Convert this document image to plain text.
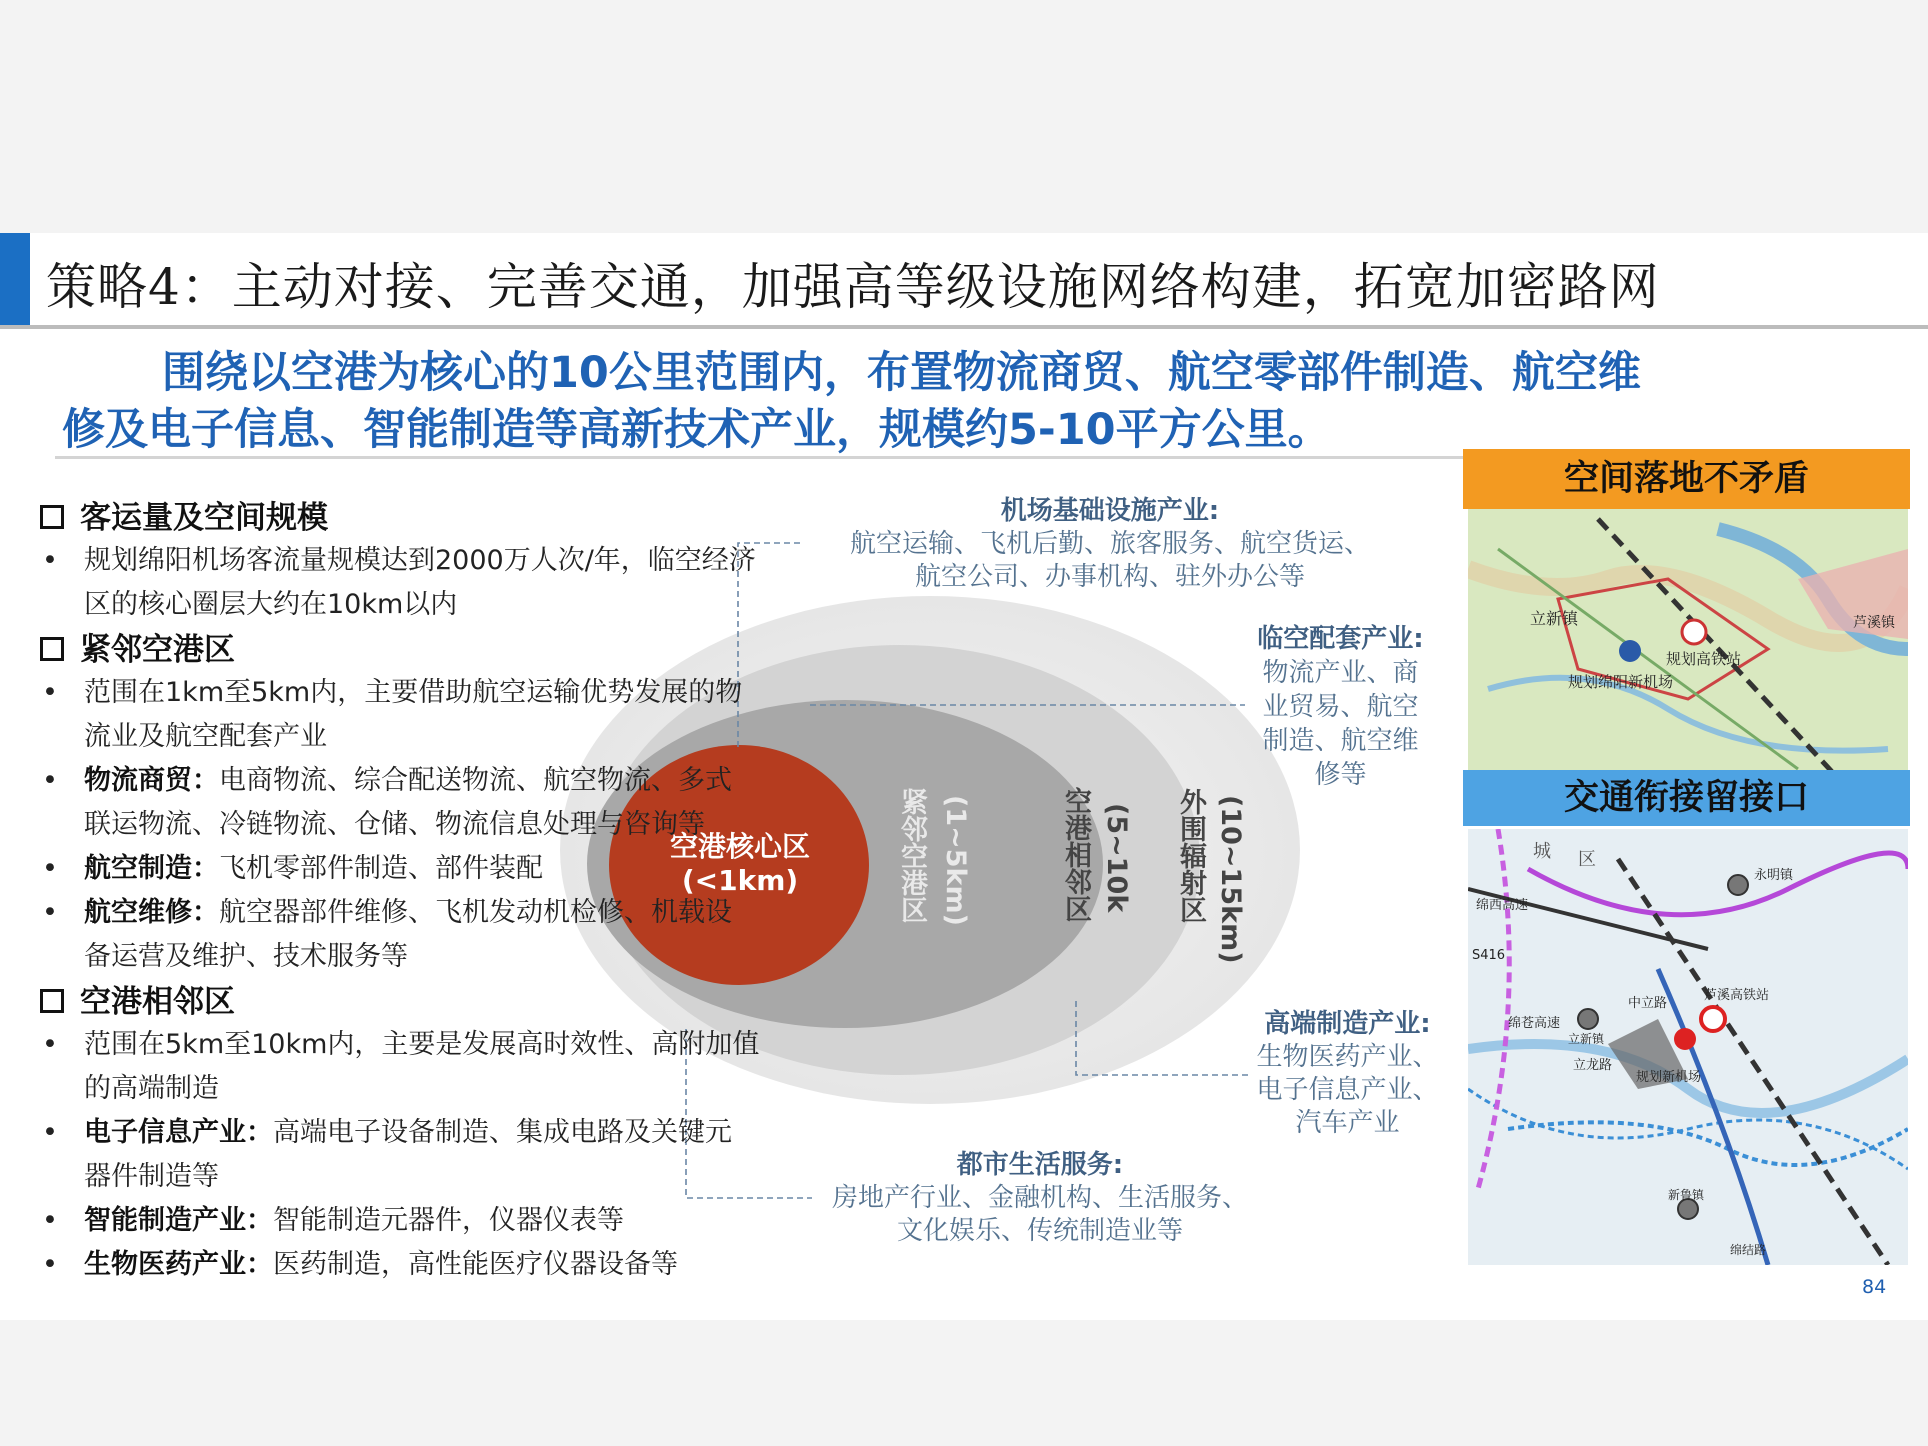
策略4：主动对接、完善交通，加强高等级设施网络构建，拓宽加密路网
围绕以空港为核心的10公里范围内，布置物流商贸、航空零部件制造、航空维
修及电子信息、智能制造等高新技术产业，规模约5-10平方公里。
空港核心区
(<1km)	紧邻空港区 (1~5km)	空港相邻区 (5~10k 外围辐射区 (10~15km)
机场基础设施产业:
航空运输、飞机后勤、旅客服务、航空货运、
航空公司、办事机构、驻外办公等
临空配套产业:
物流产业、商
业贸易、航空
制造、航空维
修等
高端制造产业:
生物医药产业、
电子信息产业、
汽车产业
都市生活服务:
房地产行业、金融机构、生活服务、
文化娱乐、传统制造业等
客运量及空间规模
• 规划绵阳机场客流量规模达到2000万人次/年，临空经济
区的核心圈层大约在10km以内
紧邻空港区
• 范围在1km至5km内，主要借助航空运输优势发展的物
流业及航空配套产业
• 物流商贸：电商物流、综合配送物流、航空物流、多式
联运物流、冷链物流、仓储、物流信息处理与咨询等
• 航空制造：飞机零部件制造、部件装配
• 航空维修：航空器部件维修、飞机发动机检修、机载设
备运营及维护、技术服务等
空港相邻区
• 范围在5km至10km内，主要是发展高时效性、高附加值
的高端制造
• 电子信息产业：高端电子设备制造、集成电路及关键元
器件制造等
• 智能制造产业：智能制造元器件，仪器仪表等
• 生物医药产业：医药制造，高性能医疗仪器设备等
空间落地不矛盾
立新镇
规划高铁站
规划绵阳新机场
芦溪镇
交通衔接留接口
城 区
绵西高速
S416
绵苍高速
永明镇
芦溪高铁站
中立路
立新镇
立龙路
规划新机场
新鲁镇
绵结路
84
